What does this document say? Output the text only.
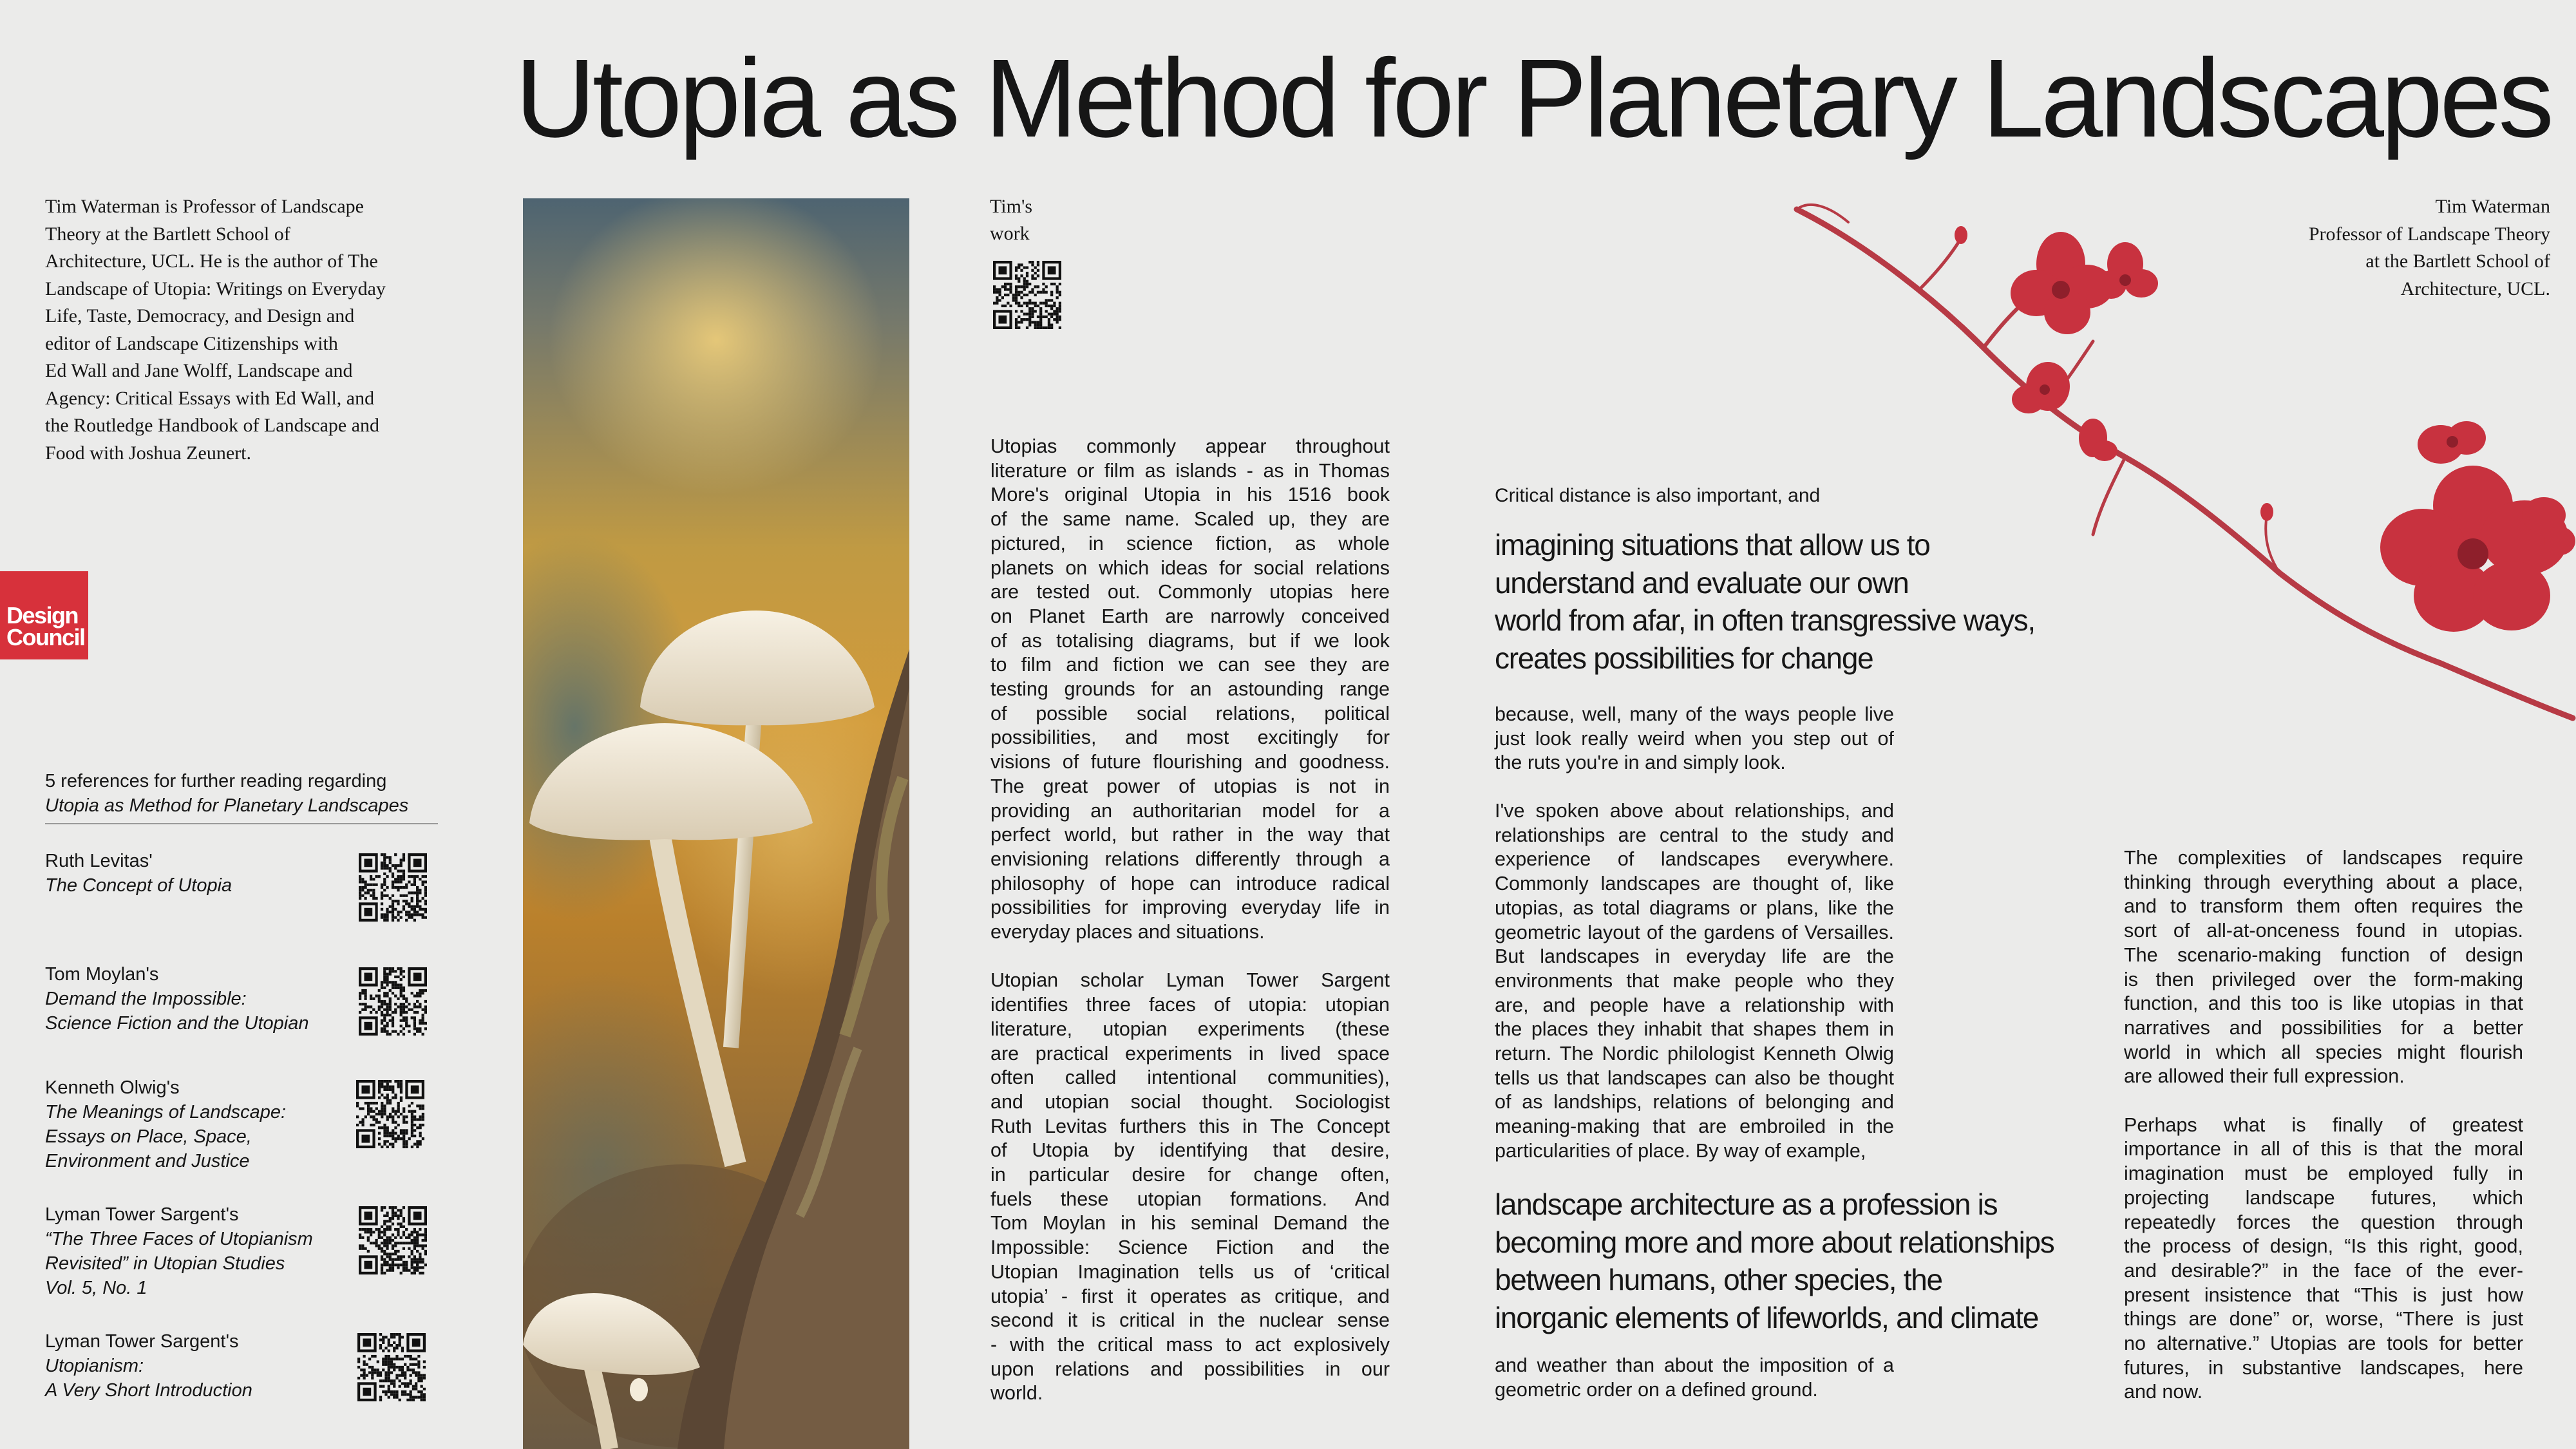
Utopia as Method for Planetary Landscapes
Tim Waterman is Professor of Landscape
Theory at the Bartlett School of
Architecture, UCL. He is the author of The
Landscape of Utopia: Writings on Everyday
Life, Taste, Democracy, and Design and
editor of Landscape Citizenships with
Ed Wall and Jane Wolff, Landscape and
Agency: Critical Essays with Ed Wall, and
the Routledge Handbook of Landscape and
Food with Joshua Zeunert.
Design
Council
5 references for further reading regarding
Utopia as Method for Planetary Landscapes
Ruth Levitas'
The Concept of Utopia
Tom Moylan's
Demand the Impossible:
Science Fiction and the Utopian
Kenneth Olwig's
The Meanings of Landscape:
Essays on Place, Space,
Environment and Justice
Lyman Tower Sargent's
“The Three Faces of Utopianism
Revisited” in Utopian Studies
Vol. 5, No. 1
Lyman Tower Sargent's
Utopianism:
A Very Short Introduction
Tim's
work
Utopias commonly appear throughout
literature or film as islands - as in Thomas
More's original Utopia in his 1516 book
of the same name. Scaled up, they are
pictured, in science fiction, as whole
planets on which ideas for social relations
are tested out. Commonly utopias here
on Planet Earth are narrowly conceived
of as totalising diagrams, but if we look
to film and fiction we can see they are
testing grounds for an astounding range
of possible social relations, political
possibilities, and most excitingly for
visions of future flourishing and goodness.
The great power of utopias is not in
providing an authoritarian model for a
perfect world, but rather in the way that
envisioning relations differently through a
philosophy of hope can introduce radical
possibilities for improving everyday life in
everyday places and situations.
Utopian scholar Lyman Tower Sargent
identifies three faces of utopia: utopian
literature, utopian experiments (these
are practical experiments in lived space
often called intentional communities),
and utopian social thought. Sociologist
Ruth Levitas furthers this in The Concept
of Utopia by identifying that desire,
in particular desire for change often,
fuels these utopian formations. And
Tom Moylan in his seminal Demand the
Impossible: Science Fiction and the
Utopian Imagination tells us of ‘critical
utopia’ - first it operates as critique, and
second it is critical in the nuclear sense
- with the critical mass to act explosively
upon relations and possibilities in our
world.
Critical distance is also important, and
imagining situations that allow us to
understand and evaluate our own
world from afar, in often transgressive ways,
creates possibilities for change
because, well, many of the ways people live
just look really weird when you step out of
the ruts you're in and simply look.
I've spoken above about relationships, and
relationships are central to the study and
experience of landscapes everywhere.
Commonly landscapes are thought of, like
utopias, as total diagrams or plans, like the
geometric layout of the gardens of Versailles.
But landscapes in everyday life are the
environments that make people who they
are, and people have a relationship with
the places they inhabit that shapes them in
return. The Nordic philologist Kenneth Olwig
tells us that landscapes can also be thought
of as landships, relations of belonging and
meaning-making that are embroiled in the
particularities of place. By way of example,
landscape architecture as a profession is
becoming more and more about relationships
between humans, other species, the
inorganic elements of lifeworlds, and climate
and weather than about the imposition of a
geometric order on a defined ground.
Tim Waterman
Professor of Landscape Theory
at the Bartlett School of
Architecture, UCL.
The complexities of landscapes require
thinking through everything about a place,
and to transform them often requires the
sort of all-at-onceness found in utopias.
The scenario-making function of design
is then privileged over the form-making
function, and this too is like utopias in that
narratives and possibilities for a better
world in which all species might flourish
are allowed their full expression.
Perhaps what is finally of greatest
importance in all of this is that the moral
imagination must be employed fully in
projecting landscape futures, which
repeatedly forces the question through
the process of design, “Is this right, good,
and desirable?” in the face of the ever-
present insistence that “This is just how
things are done” or, worse, “There is just
no alternative.” Utopias are tools for better
futures, in substantive landscapes, here
and now.
